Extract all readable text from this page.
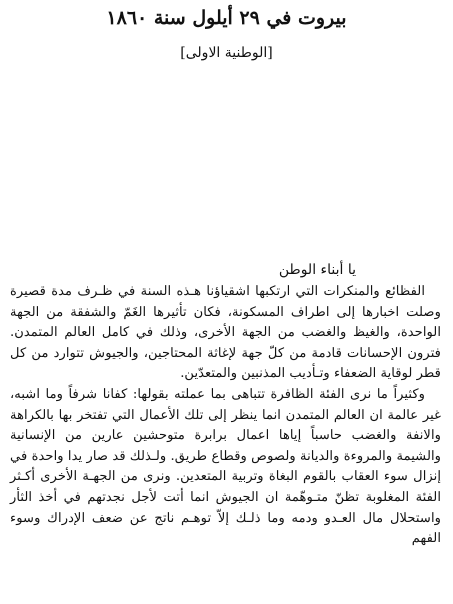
بيروت في ٢٩ أيلول سنة ١٨٦٠
[الوطنية الاولى]
يا أبناء الوطن

الفظائع والمنكرات التي ارتكبها اشقياؤنا هـذه السنة في ظـرف مدة قصيرة وصلت اخبارها إلى اطراف المسكونة، فكان تأثيرها الغَمّ والشفقة من الجهة الواحدة، والغيظ والغضب من الجهة الأخرى، وذلك في كامل العالم المتمدن. فترون الإحسانات قادمة من كلّ جهة لإغاثة المحتاجين، والجيوش تتوارد من كل قطر لوقاية الضعفاء وتـأديب المذنبين والمتعدّين.

وكثيراً ما نرى الفئة الظافرة تتباهى بما عملته بقولها: كفانا شرفاً وما اشبه، غير عالمة ان العالم المتمدن انما ينظر إلى تلك الأعمال التي تفتخر بها بالكراهة والانفة والغضب حاسباً إياها اعمال برابرة متوحشين عارين من الإنسانية والشيمة والمروءة والديانة ولصوص وقطاع طريق. ولـذلك قد صار يدا واحدة في إنزال سوء العقاب بالقوم البغاة وتربية المتعدين. ونرى من الجهـة الأخرى أكـثر الفئة المغلوبة تظنّ متـوهّمة ان الجيوش انما أتت لأجل نجدتهم في أخذ الثأر واستحلال مال العـدو ودمه وما ذلـك إلاّ توهـم ناتج عن ضعف الإدراك وسوء الفهم
